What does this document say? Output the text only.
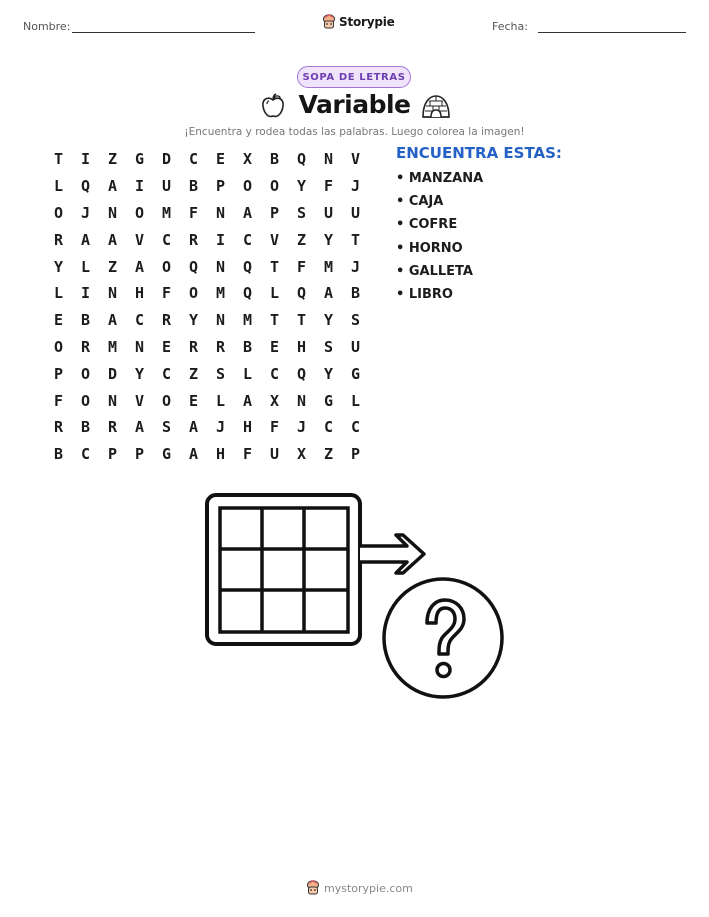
Nombre:	Storypie	Fecha:
SOPA DE LETRAS
Variable
¡Encuentra y rodea todas las palabras. Luego colorea la imagen!
T	I	Z	G	D	C	E	X	B	Q	N	V
L	Q	A	I	U	B	P	O	O	Y	F	J
O	J	N	O	M	F	N	A	P	S	U	U
R	A	A	V	C	R	I	C	V	Z	Y	T
Y	L	Z	A	O	Q	N	Q	T	F	M	J
L	I	N	H	F	O	M	Q	L	Q	A	B
E	B	A	C	R	Y	N	M	T	T	Y	S
O	R	M	N	E	R	R	B	E	H	S	U
P	O	D	Y	C	Z	S	L	C	Q	Y	G
F	O	N	V	O	E	L	A	X	N	G	L
R	B	R	A	S	A	J	H	F	J	C	C
B	C	P	P	G	A	H	F	U	X	Z	P
ENCUENTRA ESTAS:
• MANZANA
• CAJA
• COFRE
• HORNO
• GALLETA
• LIBRO
mystorypie.com
